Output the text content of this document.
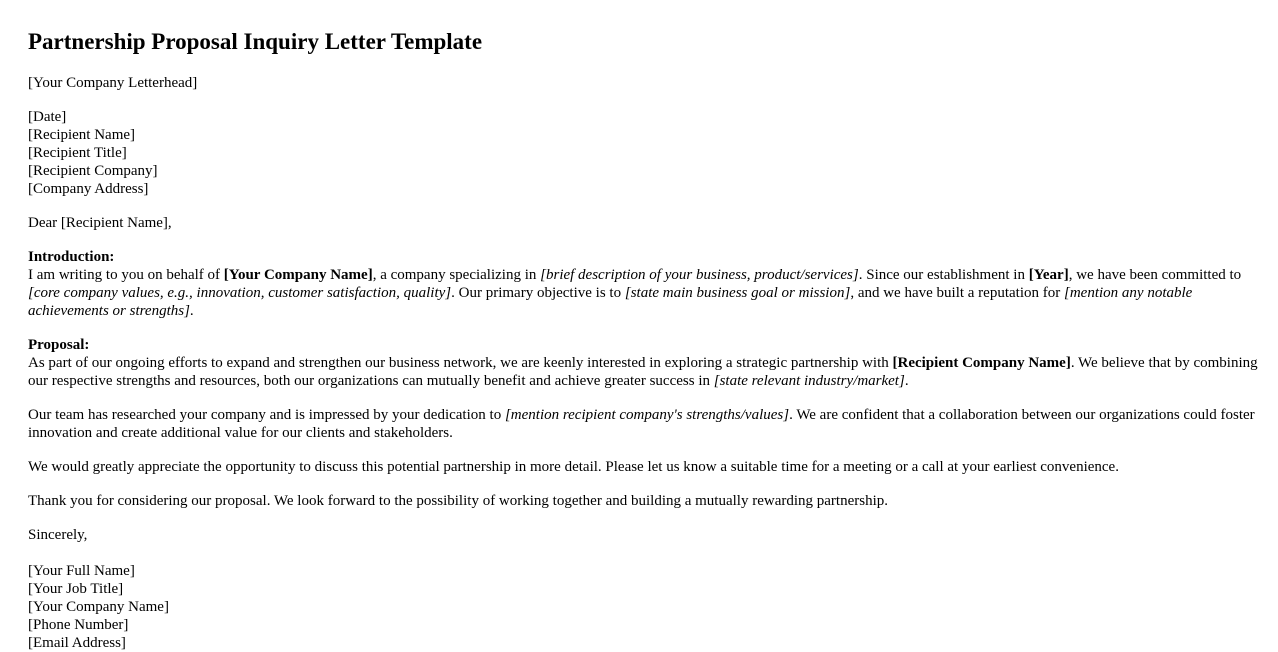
Partnership Proposal Inquiry Letter Template
[Your Company Letterhead]
[Date]
[Recipient Name]
[Recipient Title]
[Recipient Company]
[Company Address]
Dear [Recipient Name],
Introduction:
I am writing to you on behalf of [Your Company Name], a company specializing in [brief description of your business, product/services]. Since our establishment in [Year], we have been committed to [core company values, e.g., innovation, customer satisfaction, quality]. Our primary objective is to [state main business goal or mission], and we have built a reputation for [mention any notable achievements or strengths].
Proposal:
As part of our ongoing efforts to expand and strengthen our business network, we are keenly interested in exploring a strategic partnership with [Recipient Company Name]. We believe that by combining our respective strengths and resources, both our organizations can mutually benefit and achieve greater success in [state relevant industry/market].
Our team has researched your company and is impressed by your dedication to [mention recipient company's strengths/values]. We are confident that a collaboration between our organizations could foster innovation and create additional value for our clients and stakeholders.
We would greatly appreciate the opportunity to discuss this potential partnership in more detail. Please let us know a suitable time for a meeting or a call at your earliest convenience.
Thank you for considering our proposal. We look forward to the possibility of working together and building a mutually rewarding partnership.
Sincerely,
[Your Full Name]
[Your Job Title]
[Your Company Name]
[Phone Number]
[Email Address]
